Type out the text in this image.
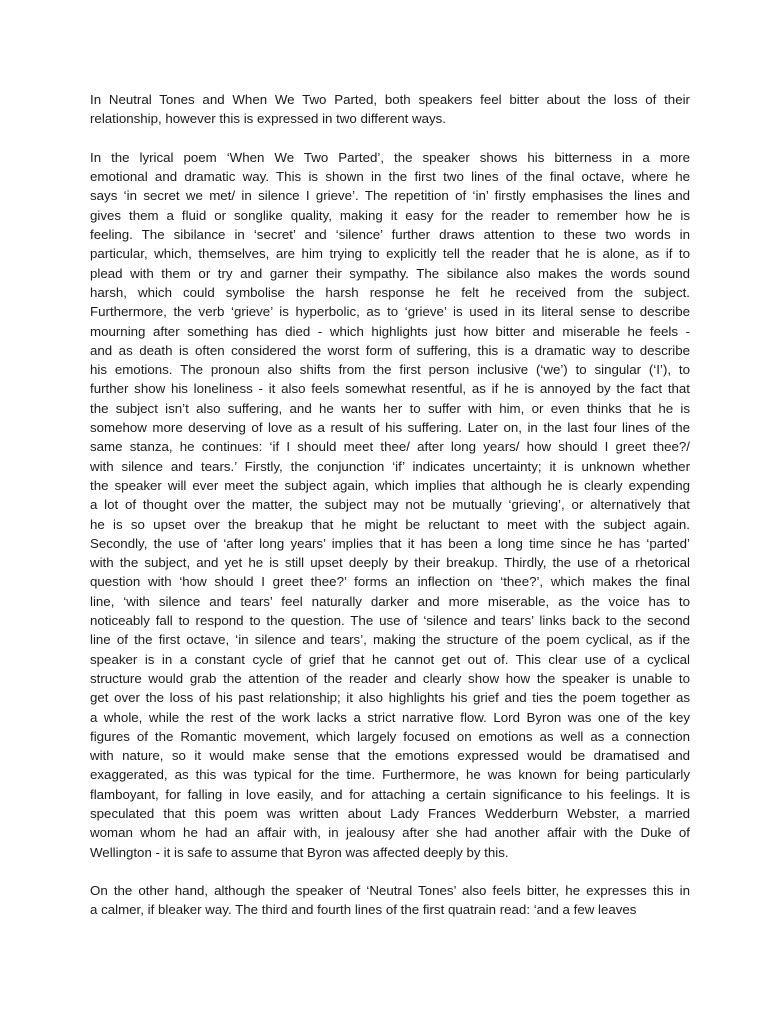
In Neutral Tones and When We Two Parted, both speakers feel bitter about the loss of their
relationship, however this is expressed in two different ways.
In the lyrical poem ‘When We Two Parted’, the speaker shows his bitterness in a more
emotional and dramatic way. This is shown in the first two lines of the final octave, where he
says ‘in secret we met/ in silence I grieve’. The repetition of ‘in’ firstly emphasises the lines and
gives them a fluid or songlike quality, making it easy for the reader to remember how he is
feeling. The sibilance in ‘secret’ and ‘silence’ further draws attention to these two words in
particular, which, themselves, are him trying to explicitly tell the reader that he is alone, as if to
plead with them or try and garner their sympathy. The sibilance also makes the words sound
harsh, which could symbolise the harsh response he felt he received from the subject.
Furthermore, the verb ‘grieve’ is hyperbolic, as to ‘grieve’ is used in its literal sense to describe
mourning after something has died - which highlights just how bitter and miserable he feels -
and as death is often considered the worst form of suffering, this is a dramatic way to describe
his emotions. The pronoun also shifts from the first person inclusive (‘we’) to singular (‘I’), to
further show his loneliness - it also feels somewhat resentful, as if he is annoyed by the fact that
the subject isn’t also suffering, and he wants her to suffer with him, or even thinks that he is
somehow more deserving of love as a result of his suffering. Later on, in the last four lines of the
same stanza, he continues: ‘if I should meet thee/ after long years/ how should I greet thee?/
with silence and tears.’ Firstly, the conjunction ‘if’ indicates uncertainty; it is unknown whether
the speaker will ever meet the subject again, which implies that although he is clearly expending
a lot of thought over the matter, the subject may not be mutually ‘grieving’, or alternatively that
he is so upset over the breakup that he might be reluctant to meet with the subject again.
Secondly, the use of ‘after long years’ implies that it has been a long time since he has ‘parted’
with the subject, and yet he is still upset deeply by their breakup. Thirdly, the use of a rhetorical
question with ‘how should I greet thee?’ forms an inflection on ‘thee?’, which makes the final
line, ‘with silence and tears’ feel naturally darker and more miserable, as the voice has to
noticeably fall to respond to the question. The use of ‘silence and tears’ links back to the second
line of the first octave, ‘in silence and tears’, making the structure of the poem cyclical, as if the
speaker is in a constant cycle of grief that he cannot get out of. This clear use of a cyclical
structure would grab the attention of the reader and clearly show how the speaker is unable to
get over the loss of his past relationship; it also highlights his grief and ties the poem together as
a whole, while the rest of the work lacks a strict narrative flow. Lord Byron was one of the key
figures of the Romantic movement, which largely focused on emotions as well as a connection
with nature, so it would make sense that the emotions expressed would be dramatised and
exaggerated, as this was typical for the time. Furthermore, he was known for being particularly
flamboyant, for falling in love easily, and for attaching a certain significance to his feelings. It is
speculated that this poem was written about Lady Frances Wedderburn Webster, a married
woman whom he had an affair with, in jealousy after she had another affair with the Duke of
Wellington - it is safe to assume that Byron was affected deeply by this.
On the other hand, although the speaker of ‘Neutral Tones’ also feels bitter, he expresses this in
a calmer, if bleaker way. The third and fourth lines of the first quatrain read: ‘and a few leaves
